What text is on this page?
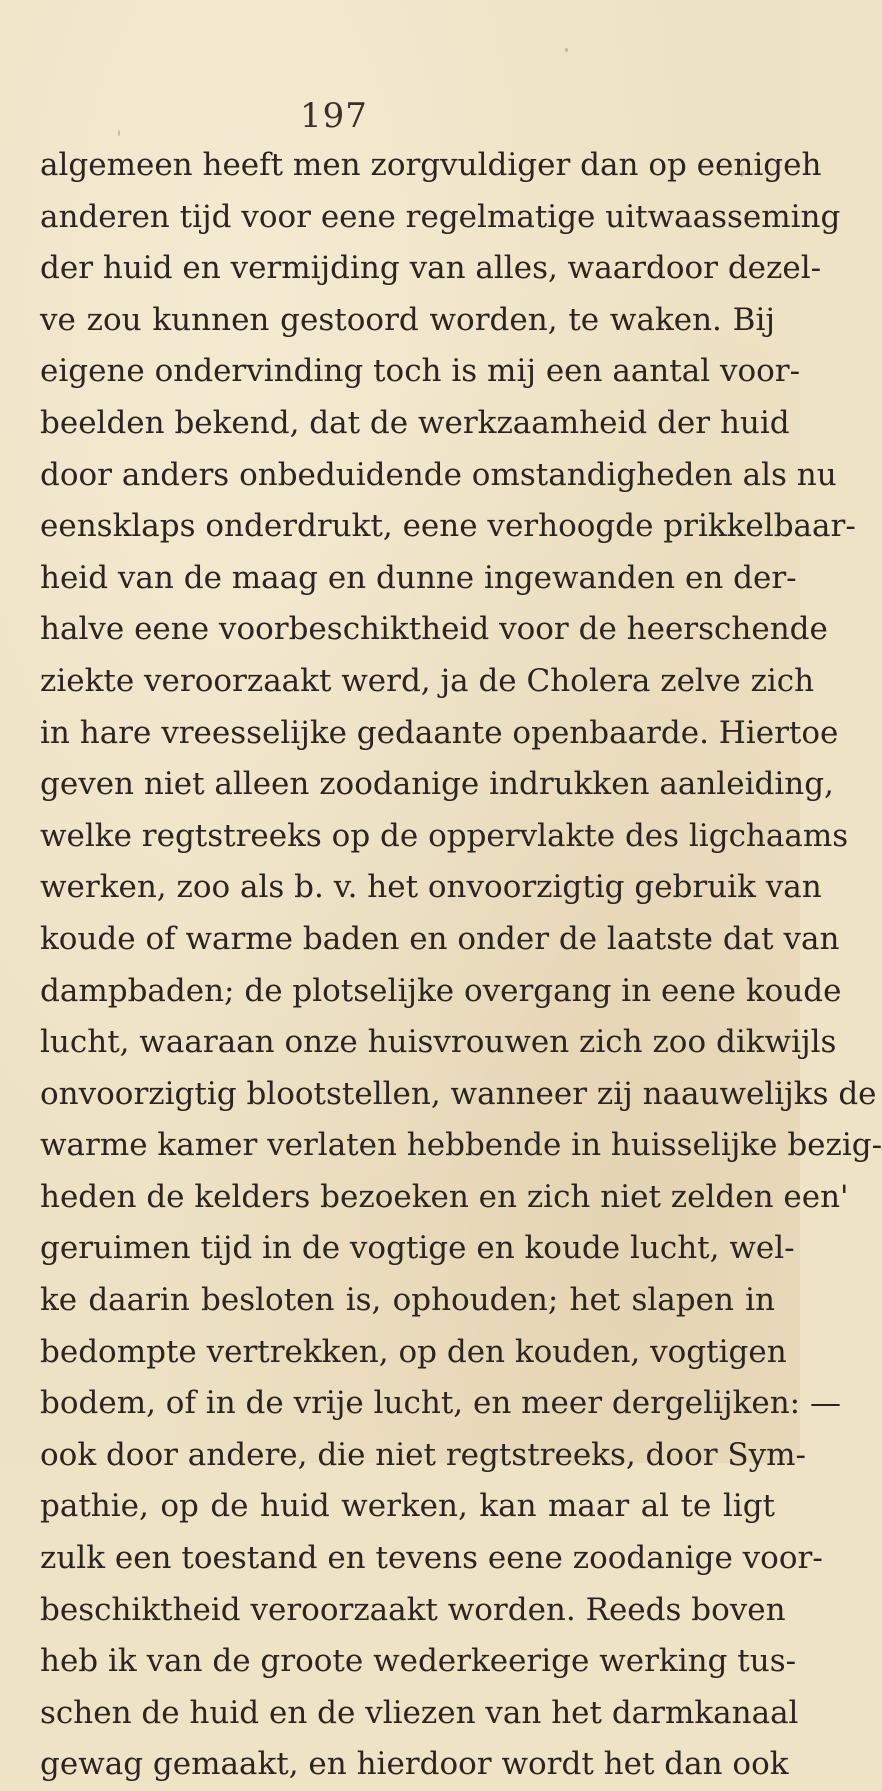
197
algemeen heeft men zorgvuldiger dan op eenigeh
anderen tijd voor eene regelmatige uitwaasseming
der huid en vermijding van alles, waardoor dezel-
ve zou kunnen gestoord worden, te waken. Bij
eigene ondervinding toch is mij een aantal voor-
beelden bekend, dat de werkzaamheid der huid
door anders onbeduidende omstandigheden als nu
eensklaps onderdrukt, eene verhoogde prikkelbaar-
heid van de maag en dunne ingewanden en der-
halve eene voorbeschiktheid voor de heerschende
ziekte veroorzaakt werd, ja de Cholera zelve zich
in hare vreesselijke gedaante openbaarde. Hiertoe
geven niet alleen zoodanige indrukken aanleiding,
welke regtstreeks op de oppervlakte des ligchaams
werken, zoo als b. v. het onvoorzigtig gebruik van
koude of warme baden en onder de laatste dat van
dampbaden; de plotselijke overgang in eene koude
lucht, waaraan onze huisvrouwen zich zoo dikwijls
onvoorzigtig blootstellen, wanneer zij naauwelijks de
warme kamer verlaten hebbende in huisselijke bezig-
heden de kelders bezoeken en zich niet zelden een'
geruimen tijd in de vogtige en koude lucht, wel-
ke daarin besloten is, ophouden; het slapen in
bedompte vertrekken, op den kouden, vogtigen
bodem, of in de vrije lucht, en meer dergelijken: —
ook door andere, die niet regtstreeks, door Sym-
pathie, op de huid werken, kan maar al te ligt
zulk een toestand en tevens eene zoodanige voor-
beschiktheid veroorzaakt worden. Reeds boven
heb ik van de groote wederkeerige werking tus-
schen de huid en de vliezen van het darmkanaal
gewag gemaakt, en hierdoor wordt het dan ook
